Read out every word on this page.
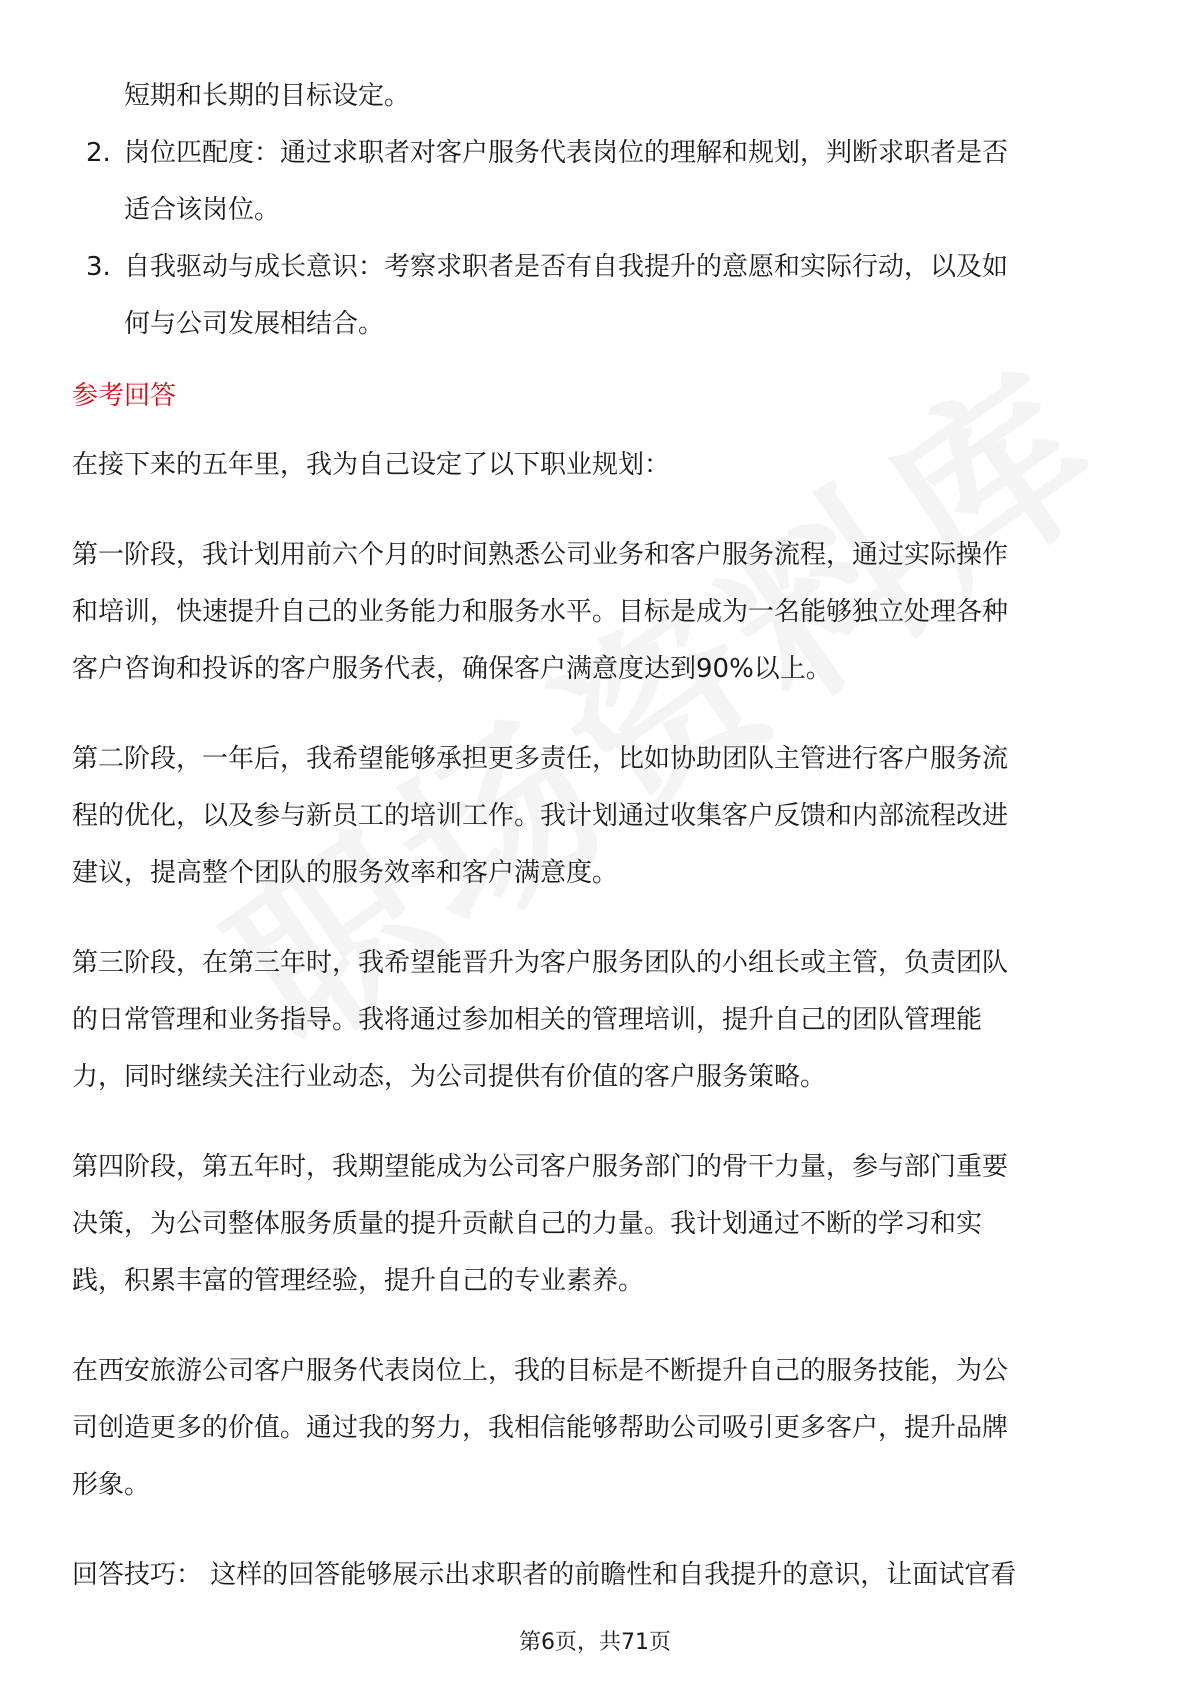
短期和长期的目标设定。
2. 岗位匹配度：通过求职者对客户服务代表岗位的理解和规划，判断求职者是否
适合该岗位。
3. 自我驱动与成长意识：考察求职者是否有自我提升的意愿和实际行动，以及如
何与公司发展相结合。
参考回答
在接下来的五年里，我为自己设定了以下职业规划：
第一阶段，我计划用前六个月的时间熟悉公司业务和客户服务流程，通过实际操作
和培训，快速提升自己的业务能力和服务水平。目标是成为一名能够独立处理各种
客户咨询和投诉的客户服务代表，确保客户满意度达到90%以上。
第二阶段，一年后，我希望能够承担更多责任，比如协助团队主管进行客户服务流
程的优化，以及参与新员工的培训工作。我计划通过收集客户反馈和内部流程改进
建议，提高整个团队的服务效率和客户满意度。
第三阶段，在第三年时，我希望能晋升为客户服务团队的小组长或主管，负责团队
的日常管理和业务指导。我将通过参加相关的管理培训，提升自己的团队管理能
力，同时继续关注行业动态，为公司提供有价值的客户服务策略。
第四阶段，第五年时，我期望能成为公司客户服务部门的骨干力量，参与部门重要
决策，为公司整体服务质量的提升贡献自己的力量。我计划通过不断的学习和实
践，积累丰富的管理经验，提升自己的专业素养。
在西安旅游公司客户服务代表岗位上，我的目标是不断提升自己的服务技能，为公
司创造更多的价值。通过我的努力，我相信能够帮助公司吸引更多客户，提升品牌
形象。
回答技巧： 这样的回答能够展示出求职者的前瞻性和自我提升的意识，让面试官看
第6页，共71页
